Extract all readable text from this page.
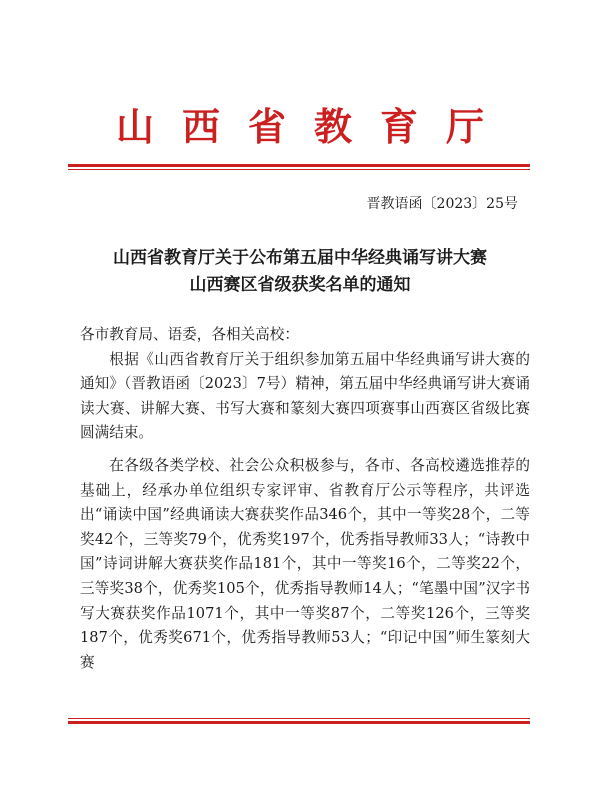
山西省教育厅
晋教语函〔2023〕25号
山西省教育厅关于公布第五届中华经典诵写讲大赛
山西赛区省级获奖名单的通知

各市教育局、语委，各相关高校：

根据《山西省教育厅关于组织参加第五届中华经典诵写讲大赛的通知》（晋教语函〔2023〕7号）精神，第五届中华经典诵写讲大赛诵读大赛、讲解大赛、书写大赛和篆刻大赛四项赛事山西赛区省级比赛圆满结束。

在各级各类学校、社会公众积极参与，各市、各高校遴选推荐的基础上，经承办单位组织专家评审、省教育厅公示等程序，共评选出“诵读中国”经典诵读大赛获奖作品346个，其中一等奖28个，二等奖42个，三等奖79个，优秀奖197个，优秀指导教师33人；“诗教中国”诗词讲解大赛获奖作品181个，其中一等奖16个，二等奖22个，三等奖38个，优秀奖105个，优秀指导教师14人；“笔墨中国”汉字书写大赛获奖作品1071个，其中一等奖87个，二等奖126个，三等奖187个，优秀奖671个，优秀指导教师53人；“印记中国”师生篆刻大赛
